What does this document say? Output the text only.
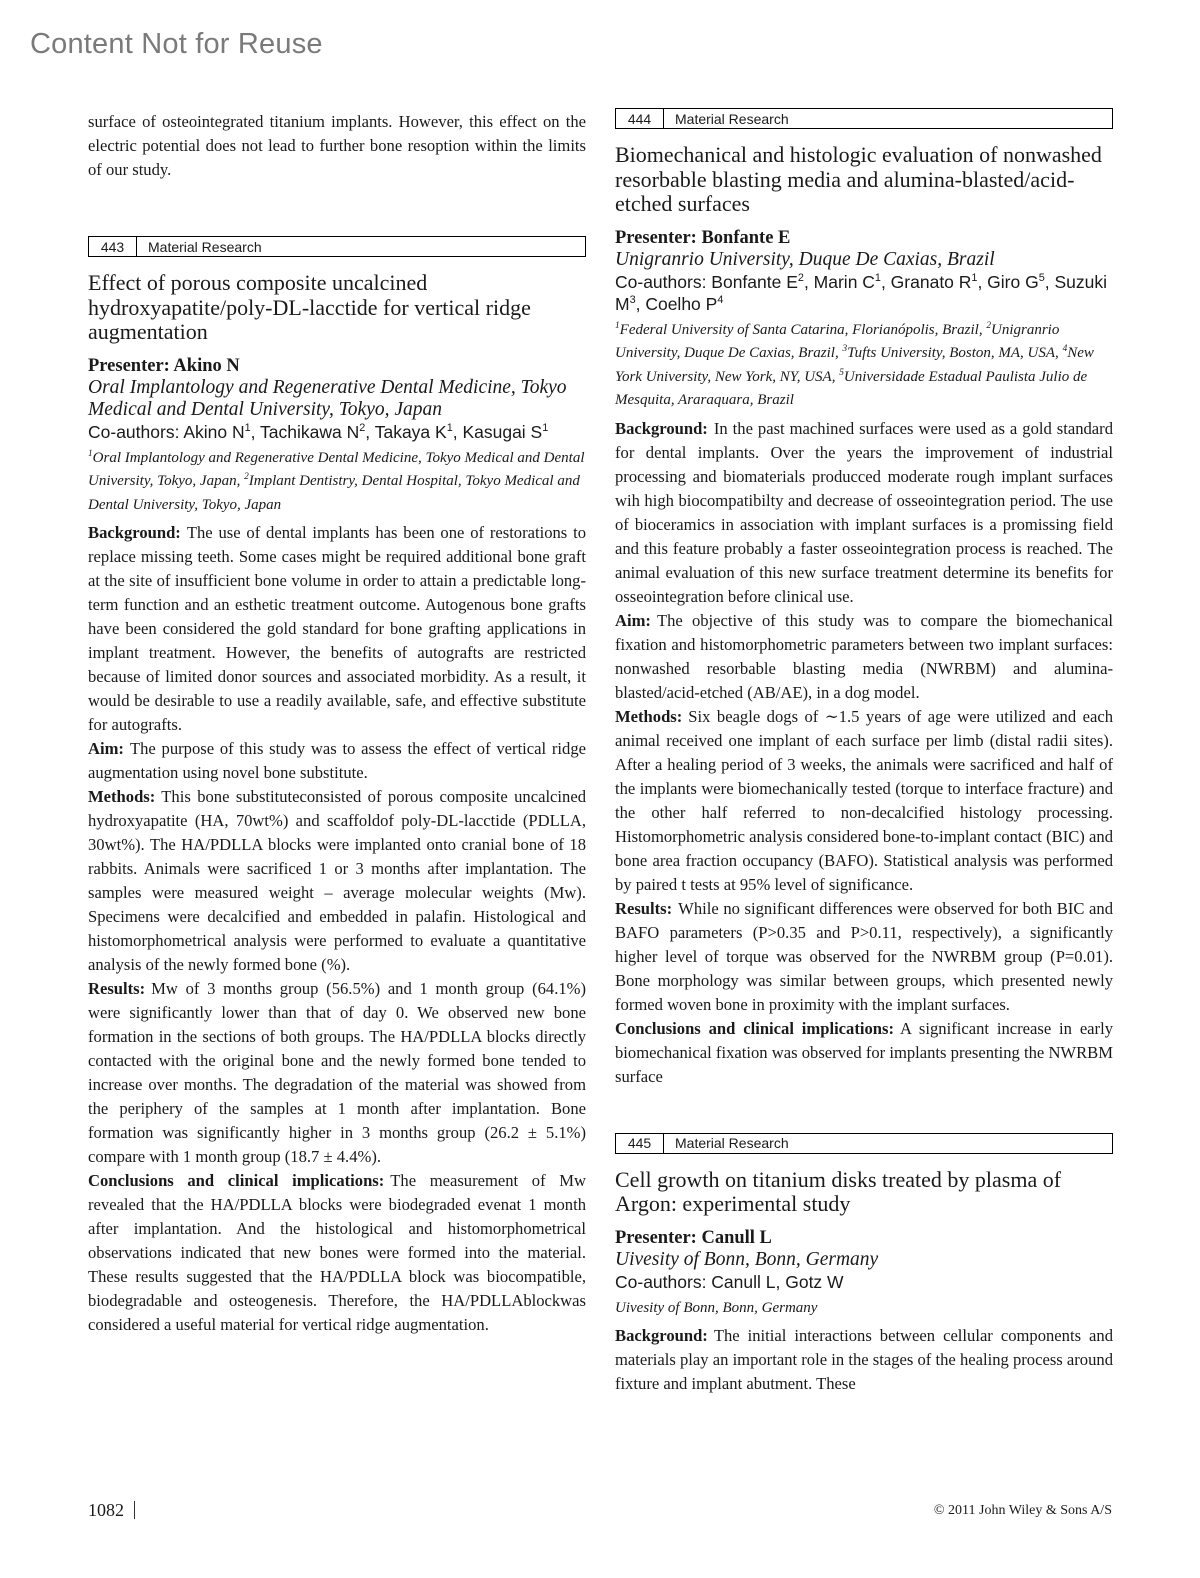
Content Not for Reuse

surface of osteointegrated titanium implants. However, this effect on the electric potential does not lead to further bone resoption within the limits of our study.

443	Material Research

Effect of porous composite uncalcined hydroxyapatite/poly-DL-lacctide for vertical ridge augmentation

Presenter: Akino N

Oral Implantology and Regenerative Dental Medicine, Tokyo Medical and Dental University, Tokyo, Japan

Co-authors: Akino $N^1$, Tachikawa $N^2$, Takaya $K^1$, Kasugai $S^1$

$^1$Oral Implantology and Regenerative Dental Medicine, Tokyo Medical and Dental University, Tokyo, Japan, $^2$Implant Dentistry, Dental Hospital, Tokyo Medical and Dental University, Tokyo, Japan

Background: The use of dental implants has been one of restorations to replace missing teeth. Some cases might be required additional bone graft at the site of insufficient bone volume in order to attain a predictable long-term function and an esthetic treatment outcome. Autogenous bone grafts have been considered the gold standard for bone grafting applications in implant treatment. However, the benefits of autografts are restricted because of limited donor sources and associated morbidity. As a result, it would be desirable to use a readily available, safe, and effective substitute for autografts.

Aim: The purpose of this study was to assess the effect of vertical ridge augmentation using novel bone substitute.

Methods: This bone substituteconsisted of porous composite uncalcined hydroxyapatite (HA, 70wt%) and scaffoldof poly-DL-lacctide (PDLLA, 30wt%). The HA/PDLLA blocks were implanted onto cranial bone of 18 rabbits. Animals were sacrificed 1 or 3 months after implantation. The samples were measured weight – average molecular weights (Mw). Specimens were decalcified and embedded in palafin. Histological and histomorphometrical analysis were performed to evaluate a quantitative analysis of the newly formed bone (%).

Results: Mw of 3 months group (56.5%) and 1 month group (64.1%) were significantly lower than that of day 0. We observed new bone formation in the sections of both groups. The HA/PDLLA blocks directly contacted with the original bone and the newly formed bone tended to increase over months. The degradation of the material was showed from the periphery of the samples at 1 month after implantation. Bone formation was significantly higher in 3 months group (26.2 ± 5.1%) compare with 1 month group (18.7 ± 4.4%).

Conclusions and clinical implications: The measurement of Mw revealed that the HA/PDLLA blocks were biodegraded evenat 1 month after implantation. And the histological and histomorphometrical observations indicated that new bones were formed into the material. These results suggested that the HA/PDLLA block was biocompatible, biodegradable and osteogenesis. Therefore, the HA/PDLLAblockwas considered a useful material for vertical ridge augmentation.

444	Material Research

Biomechanical and histologic evaluation of nonwashed resorbable blasting media and alumina-blasted/acid-etched surfaces

Presenter: Bonfante E

Unigranrio University, Duque De Caxias, Brazil

Co-authors: Bonfante $E^2$, Marin $C^1$, Granato $R^1$, Giro $G^5$, Suzuki $M^3$, Coelho $P^4$

$^1$Federal University of Santa Catarina, Florianópolis, Brazil, $^2$Unigranrio University, Duque De Caxias, Brazil, $^3$Tufts University, Boston, MA, USA, $^4$New York University, New York, NY, USA, $^5$Universidade Estadual Paulista Julio de Mesquita, Araraquara, Brazil

Background: In the past machined surfaces were used as a gold standard for dental implants. Over the years the improvement of industrial processing and biomaterials producced moderate rough implant surfaces wih high biocompatibilty and decrease of osseointegration period. The use of bioceramics in association with implant surfaces is a promissing field and this feature probably a faster osseointegration process is reached. The animal evaluation of this new surface treatment determine its benefits for osseointegration before clinical use.

Aim: The objective of this study was to compare the biomechanical fixation and histomorphometric parameters between two implant surfaces: nonwashed resorbable blasting media (NWRBM) and alumina-blasted/acid-etched (AB/AE), in a dog model.

Methods: Six beagle dogs of ∼1.5 years of age were utilized and each animal received one implant of each surface per limb (distal radii sites). After a healing period of 3 weeks, the animals were sacrificed and half of the implants were biomechanically tested (torque to interface fracture) and the other half referred to non-decalcified histology processing. Histomorphometric analysis considered bone-to-implant contact (BIC) and bone area fraction occupancy (BAFO). Statistical analysis was performed by paired t tests at 95% level of significance.

Results: While no significant differences were observed for both BIC and BAFO parameters (P>0.35 and P>0.11, respectively), a significantly higher level of torque was observed for the NWRBM group (P=0.01). Bone morphology was similar between groups, which presented newly formed woven bone in proximity with the implant surfaces.

Conclusions and clinical implications: A significant increase in early biomechanical fixation was observed for implants presenting the NWRBM surface

445	Material Research

Cell growth on titanium disks treated by plasma of Argon: experimental study

Presenter: Canull L

Uivesity of Bonn, Bonn, Germany

Co-authors: Canull L, Gotz W

Uivesity of Bonn, Bonn, Germany

Background: The initial interactions between cellular components and materials play an important role in the stages of the healing process around fixture and implant abutment. These

1082	© 2011 John Wiley & Sons A/S
